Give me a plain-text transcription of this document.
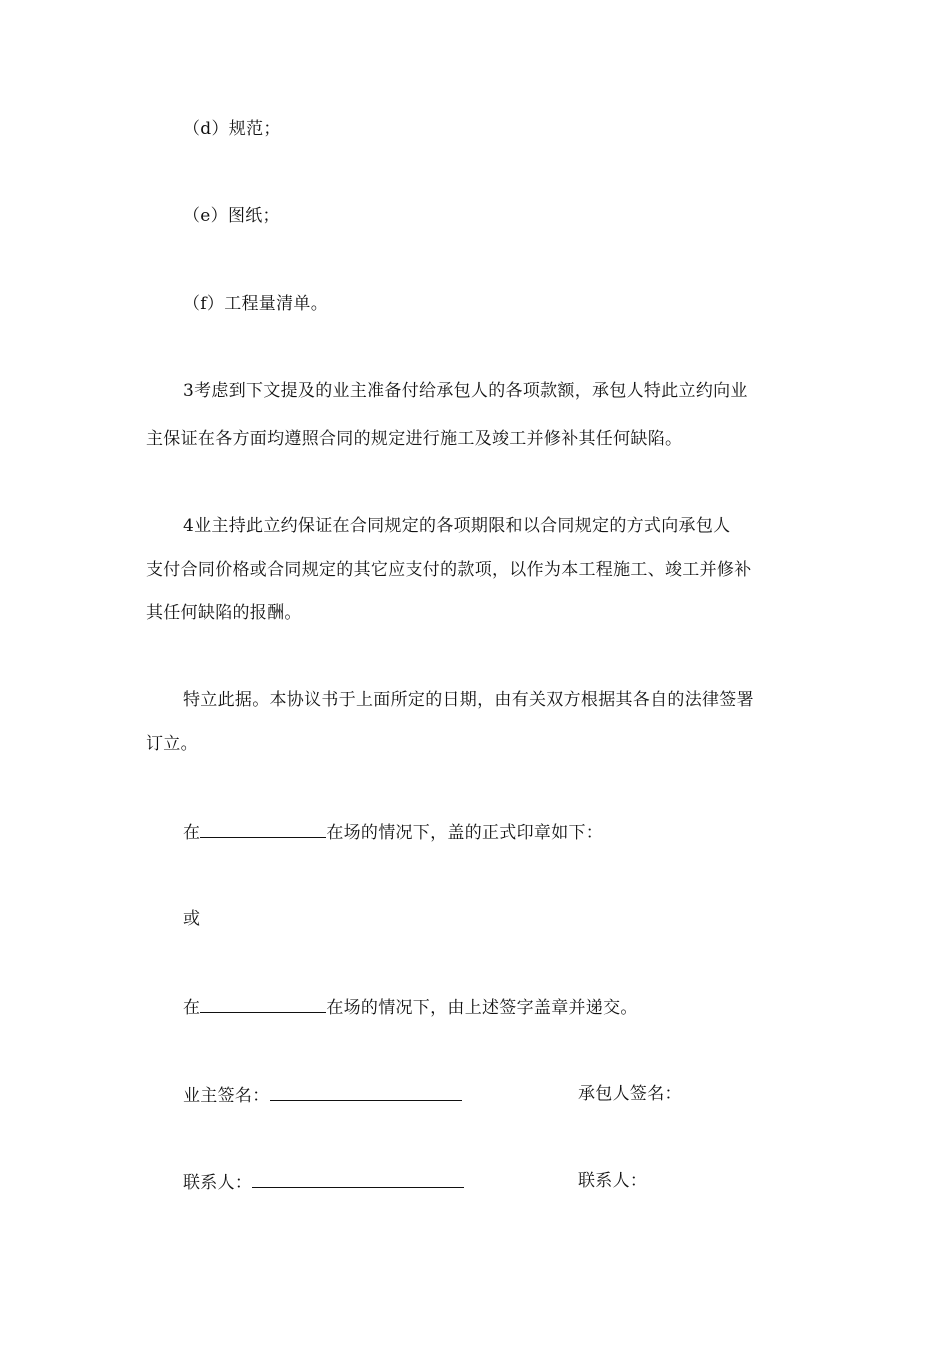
（d）规范；
（e）图纸；
（f）工程量清单。
3考虑到下文提及的业主准备付给承包人的各项款额，承包人特此立约向业
主保证在各方面均遵照合同的规定进行施工及竣工并修补其任何缺陷。
4业主持此立约保证在合同规定的各项期限和以合同规定的方式向承包人
支付合同价格或合同规定的其它应支付的款项，以作为本工程施工、竣工并修补
其任何缺陷的报酬。
特立此据。本协议书于上面所定的日期，由有关双方根据其各自的法律签署
订立。
在	在场的情况下，盖的正式印章如下：
或
在	在场的情况下，由上述签字盖章并递交。
业主签名：	承包人签名：
联系人：	联系人：
